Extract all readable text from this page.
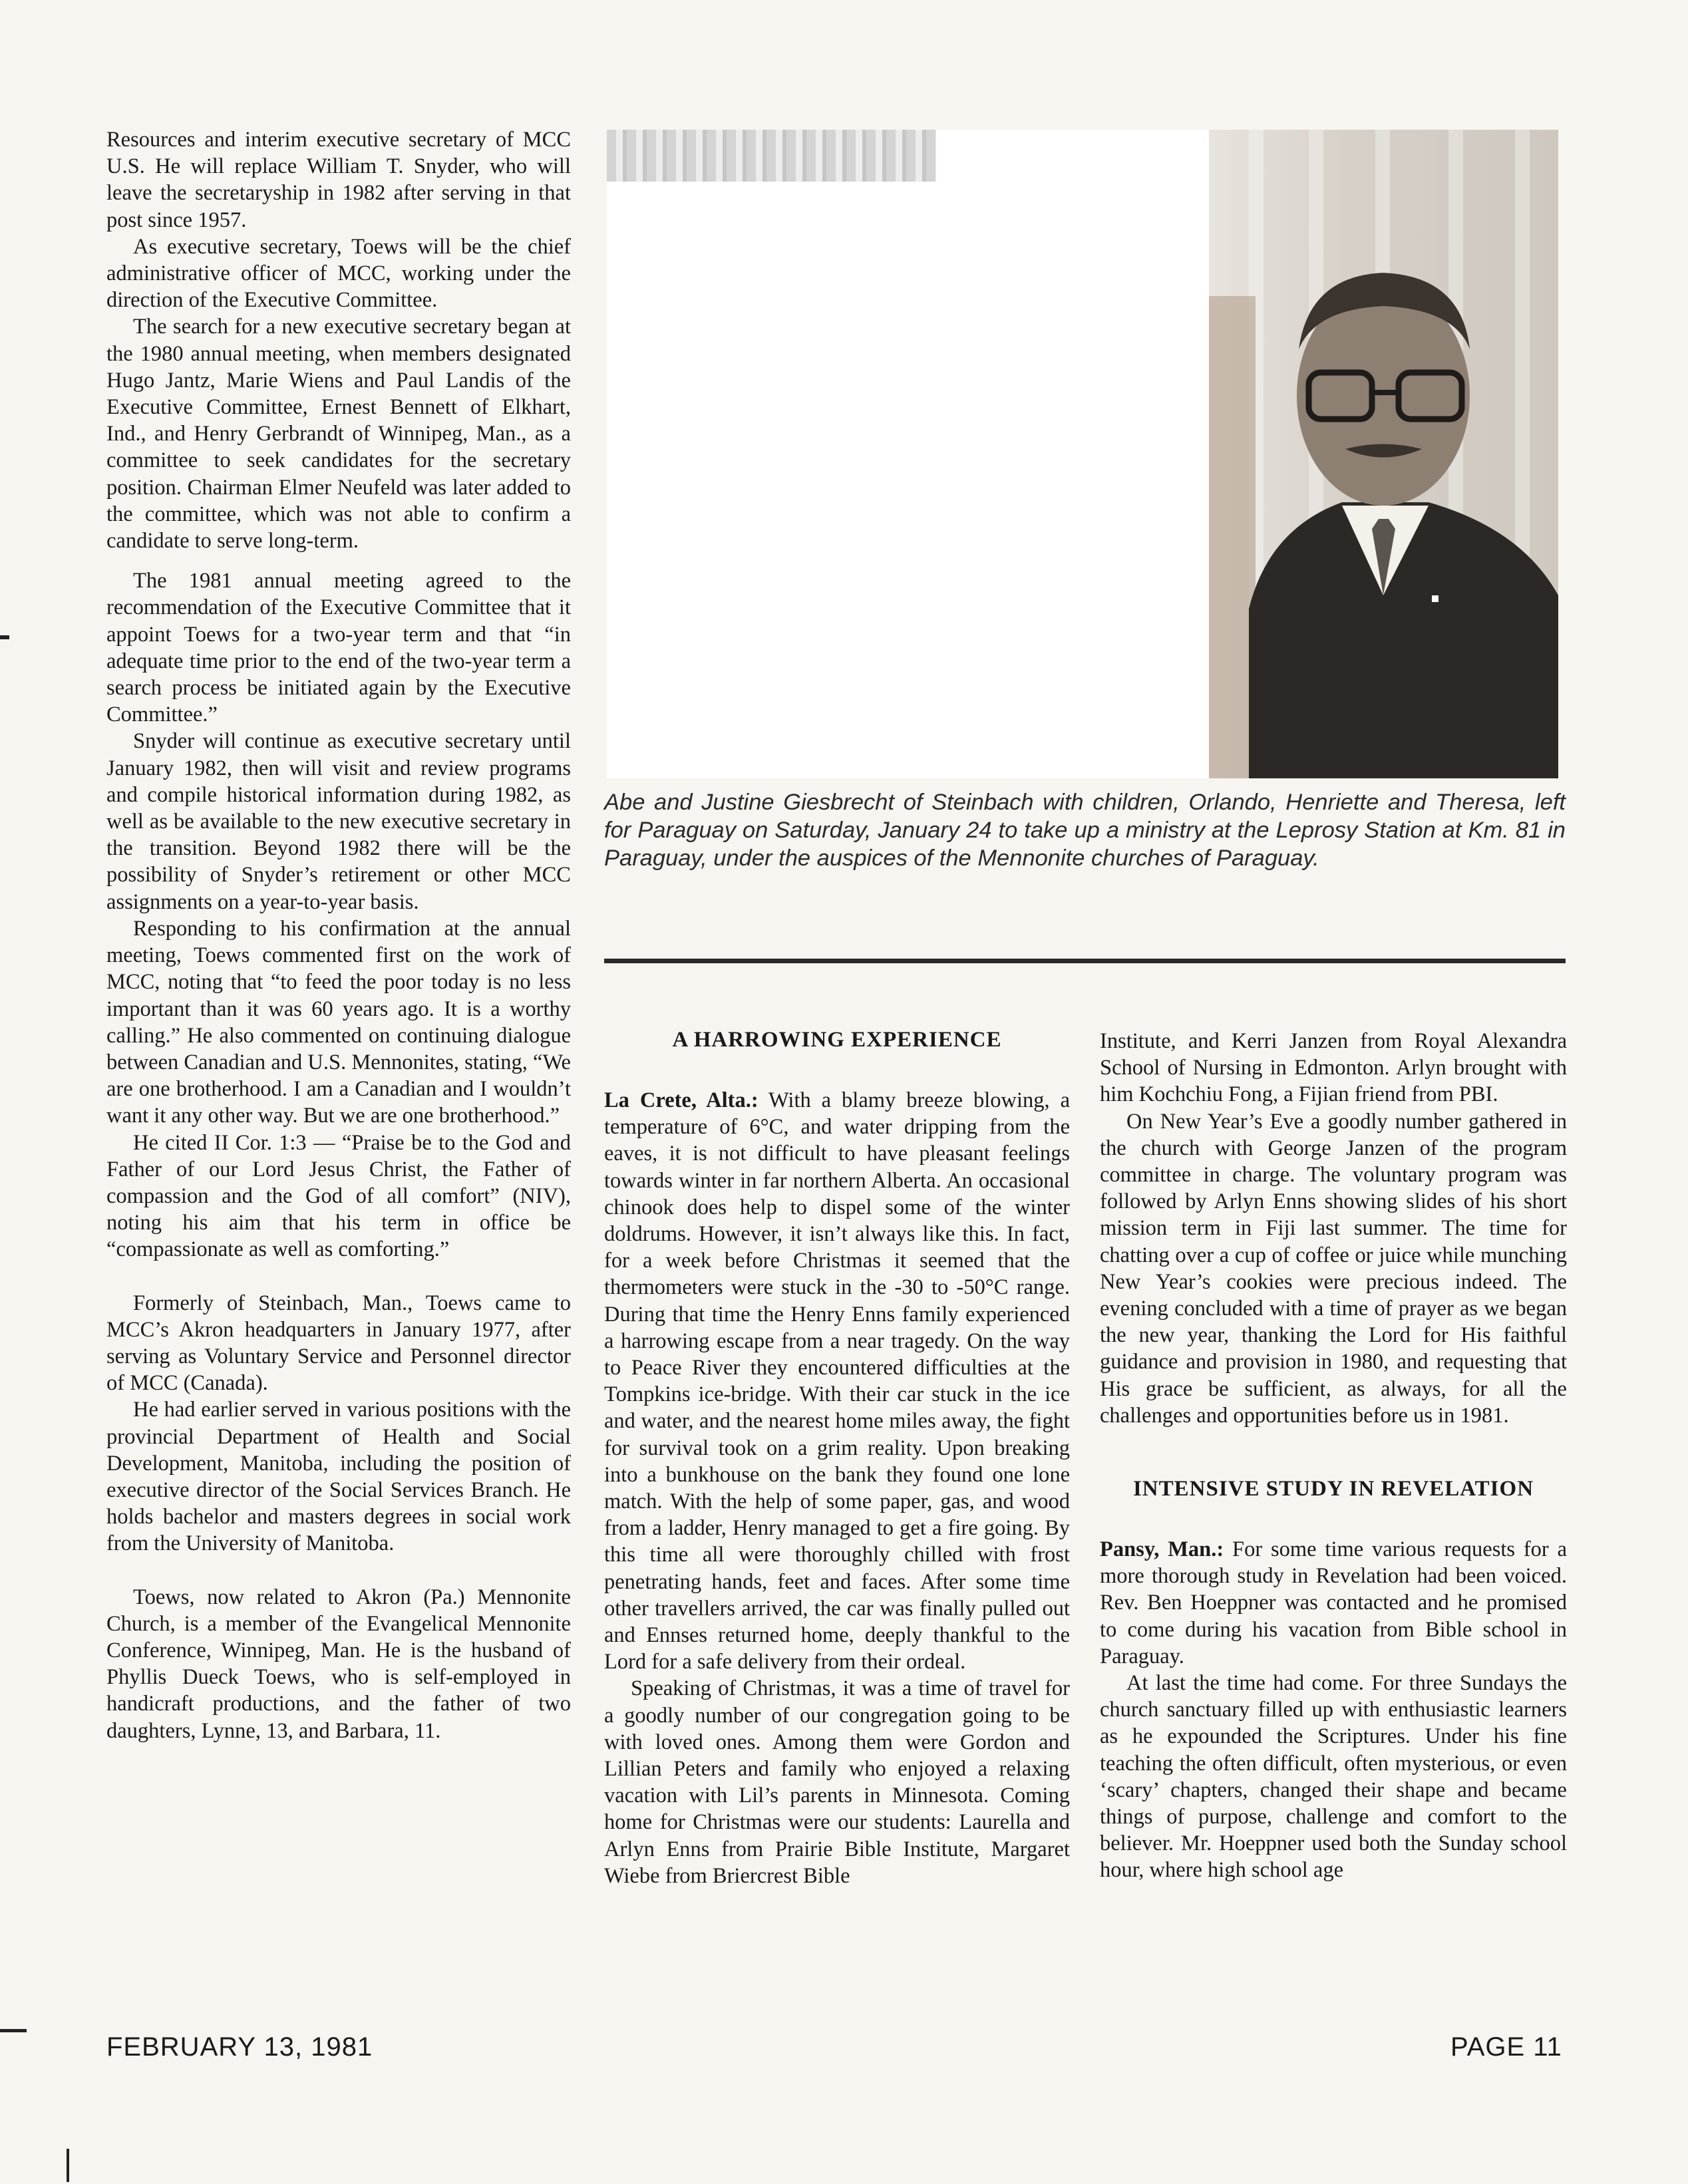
Resources and interim executive secretary of MCC U.S. He will replace William T. Snyder, who will leave the secretaryship in 1982 after serving in that post since 1957.

As executive secretary, Toews will be the chief administrative officer of MCC, working under the direction of the Executive Committee.

The search for a new executive secretary began at the 1980 annual meeting, when members designated Hugo Jantz, Marie Wiens and Paul Landis of the Executive Committee, Ernest Bennett of Elkhart, Ind., and Henry Gerbrandt of Winnipeg, Man., as a committee to seek candidates for the secretary position. Chairman Elmer Neufeld was later added to the committee, which was not able to confirm a candidate to serve long-term.

The 1981 annual meeting agreed to the recommendation of the Executive Committee that it appoint Toews for a two-year term and that “in adequate time prior to the end of the two-year term a search process be initiated again by the Executive Committee.”

Snyder will continue as executive secretary until January 1982, then will visit and review programs and compile historical information during 1982, as well as be available to the new executive secretary in the transition. Beyond 1982 there will be the possibility of Snyder’s retirement or other MCC assignments on a year-to-year basis.

Responding to his confirmation at the annual meeting, Toews commented first on the work of MCC, noting that “to feed the poor today is no less important than it was 60 years ago. It is a worthy calling.” He also commented on continuing dialogue between Canadian and U.S. Mennonites, stating, “We are one brotherhood. I am a Canadian and I wouldn’t want it any other way. But we are one brotherhood.”

He cited II Cor. 1:3 — “Praise be to the God and Father of our Lord Jesus Christ, the Father of compassion and the God of all comfort” (NIV), noting his aim that his term in office be “compassionate as well as comforting.”

Formerly of Steinbach, Man., Toews came to MCC’s Akron headquarters in January 1977, after serving as Voluntary Service and Personnel director of MCC (Canada).

He had earlier served in various positions with the provincial Department of Health and Social Development, Manitoba, including the position of executive director of the Social Services Branch. He holds bachelor and masters degrees in social work from the University of Manitoba.

Toews, now related to Akron (Pa.) Mennonite Church, is a member of the Evangelical Mennonite Conference, Winnipeg, Man. He is the husband of Phyllis Dueck Toews, who is self-employed in handicraft productions, and the father of two daughters, Lynne, 13, and Barbara, 11.

Abe and Justine Giesbrecht of Steinbach with children, Orlando, Henriette and Theresa, left for Paraguay on Saturday, January 24 to take up a ministry at the Leprosy Station at Km. 81 in Paraguay, under the auspices of the Mennonite churches of Paraguay.
A HARROWING EXPERIENCE

La Crete, Alta.: With a blamy breeze blowing, a temperature of 6°C, and water dripping from the eaves, it is not difficult to have pleasant feelings towards winter in far northern Alberta. An occasional chinook does help to dispel some of the winter doldrums. However, it isn’t always like this. In fact, for a week before Christmas it seemed that the thermometers were stuck in the -30 to -50°C range. During that time the Henry Enns family experienced a harrowing escape from a near tragedy. On the way to Peace River they encountered difficulties at the Tompkins ice-bridge. With their car stuck in the ice and water, and the nearest home miles away, the fight for survival took on a grim reality. Upon breaking into a bunkhouse on the bank they found one lone match. With the help of some paper, gas, and wood from a ladder, Henry managed to get a fire going. By this time all were thoroughly chilled with frost penetrating hands, feet and faces. After some time other travellers arrived, the car was finally pulled out and Ennses returned home, deeply thankful to the Lord for a safe delivery from their ordeal.

Speaking of Christmas, it was a time of travel for a goodly number of our congregation going to be with loved ones. Among them were Gordon and Lillian Peters and family who enjoyed a relaxing vacation with Lil’s parents in Minnesota. Coming home for Christmas were our students: Laurella and Arlyn Enns from Prairie Bible Institute, Margaret Wiebe from Briercrest Bible

Institute, and Kerri Janzen from Royal Alexandra School of Nursing in Edmonton. Arlyn brought with him Kochchiu Fong, a Fijian friend from PBI.

On New Year’s Eve a goodly number gathered in the church with George Janzen of the program committee in charge. The voluntary program was followed by Arlyn Enns showing slides of his short mission term in Fiji last summer. The time for chatting over a cup of coffee or juice while munching New Year’s cookies were precious indeed. The evening concluded with a time of prayer as we began the new year, thanking the Lord for His faithful guidance and provision in 1980, and requesting that His grace be sufficient, as always, for all the challenges and opportunities before us in 1981.

INTENSIVE STUDY IN REVELATION

Pansy, Man.: For some time various requests for a more thorough study in Revelation had been voiced. Rev. Ben Hoeppner was contacted and he promised to come during his vacation from Bible school in Paraguay.

At last the time had come. For three Sundays the church sanctuary filled up with enthusiastic learners as he expounded the Scriptures. Under his fine teaching the often difficult, often mysterious, or even ‘scary’ chapters, changed their shape and became things of purpose, challenge and comfort to the believer. Mr. Hoeppner used both the Sunday school hour, where high school age

FEBRUARY 13, 1981	PAGE 11
